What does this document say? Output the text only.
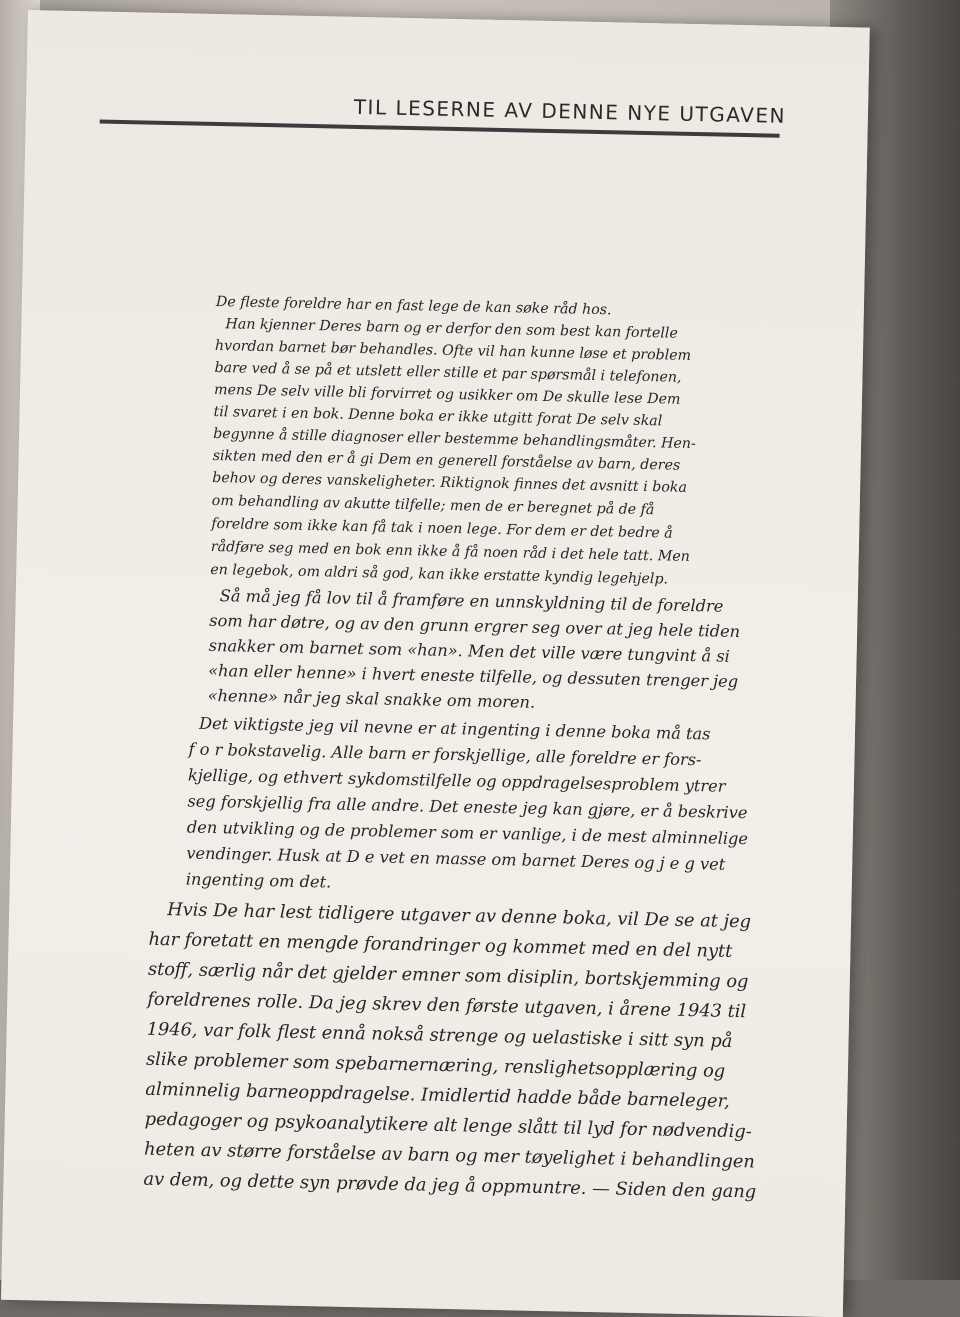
TIL LESERNE AV DENNE NYE UTGAVEN
De fleste foreldre har en fast lege de kan søke råd hos.
Han kjenner Deres barn og er derfor den som best kan fortelle
hvordan barnet bør behandles. Ofte vil han kunne løse et problem
bare ved å se på et utslett eller stille et par spørsmål i telefonen,
mens De selv ville bli forvirret og usikker om De skulle lese Dem
til svaret i en bok. Denne boka er ikke utgitt forat De selv skal
begynne å stille diagnoser eller bestemme behandlingsmåter. Hen-
sikten med den er å gi Dem en generell forståelse av barn, deres
behov og deres vanskeligheter. Riktignok finnes det avsnitt i boka
om behandling av akutte tilfelle; men de er beregnet på de få
foreldre som ikke kan få tak i noen lege. For dem er det bedre å
rådføre seg med en bok enn ikke å få noen råd i det hele tatt. Men
en legebok, om aldri så god, kan ikke erstatte kyndig legehjelp.
Så må jeg få lov til å framføre en unnskyldning til de foreldre
som har døtre, og av den grunn ergrer seg over at jeg hele tiden
snakker om barnet som «han». Men det ville være tungvint å si
«han eller henne» i hvert eneste tilfelle, og dessuten trenger jeg
«henne» når jeg skal snakke om moren.
Det viktigste jeg vil nevne er at ingenting i denne boka må tas
f o r bokstavelig. Alle barn er forskjellige, alle foreldre er fors-
kjellige, og ethvert sykdomstilfelle og oppdragelsesproblem ytrer
seg forskjellig fra alle andre. Det eneste jeg kan gjøre, er å beskrive
den utvikling og de problemer som er vanlige, i de mest alminnelige
vendinger. Husk at D e vet en masse om barnet Deres og j e g vet
ingenting om det.
Hvis De har lest tidligere utgaver av denne boka, vil De se at jeg
har foretatt en mengde forandringer og kommet med en del nytt
stoff, særlig når det gjelder emner som disiplin, bortskjemming og
foreldrenes rolle. Da jeg skrev den første utgaven, i årene 1943 til
1946, var folk flest ennå nokså strenge og uelastiske i sitt syn på
slike problemer som spebarnernæring, renslighetsopplæring og
alminnelig barneoppdragelse. Imidlertid hadde både barneleger,
pedagoger og psykoanalytikere alt lenge slått til lyd for nødvendig-
heten av større forståelse av barn og mer tøyelighet i behandlingen
av dem, og dette syn prøvde da jeg å oppmuntre. — Siden den gang
